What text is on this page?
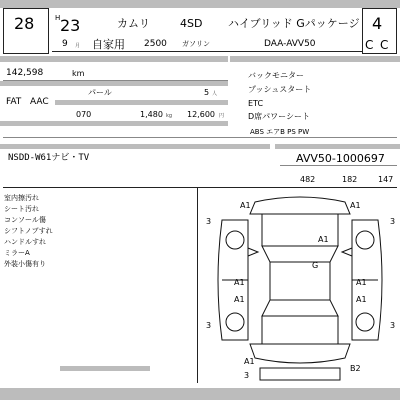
28	H 23
9 月
カムリ	4SD ハイブリッド Gパッケージ 4
C C
自家用 2500 ガソリン	DAA-AVV50
142,598	km
パール	5 人
FAT AAC
070	1,480 kg 12,600 円
バックモニター
プッシュスタート
ETC
D席パワーシート
ABS エアB PS PW
NSDD-W61ナビ・TV	AVV50-1000697
482	182	147
室内擦汚れ
シート汚れ
コンソール傷
シフトノブすれ
ハンドルすれ
ミラーA
外装小傷有り
A1	A1
3	3
A1
G
A1	A1
A1	A1
3	3
A1
B2
3
